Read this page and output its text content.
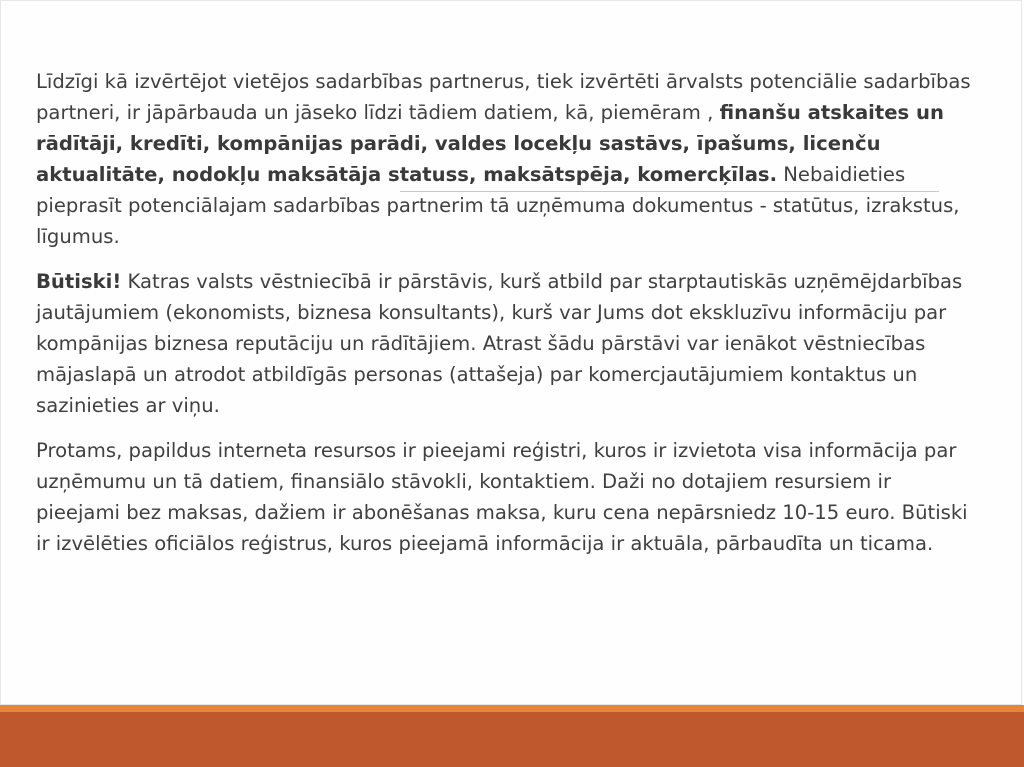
Līdzīgi kā izvērtējot vietējos sadarbības partnerus, tiek izvērtēti ārvalsts potenciālie sadarbības partneri, ir jāpārbauda un jāseko līdzi tādiem datiem, kā, piemēram , finanšu atskaites un rādītāji, kredīti, kompānijas parādi, valdes locekļu sastāvs, īpašums, licenču aktualitāte, nodokļu maksātāja statuss, maksātspēja, komercķīlas. Nebaidieties pieprasīt potenciālajam sadarbības partnerim tā uzņēmuma dokumentus - statūtus, izrakstus, līgumus.

Būtiski! Katras valsts vēstniecībā ir pārstāvis, kurš atbild par starptautiskās uzņēmējdarbības jautājumiem (ekonomists, biznesa konsultants), kurš var Jums dot ekskluzīvu informāciju par kompānijas biznesa reputāciju un rādītājiem. Atrast šādu pārstāvi var ienākot vēstniecības mājaslapā un atrodot atbildīgās personas (attašeja) par komercjautājumiem kontaktus un sazinieties ar viņu.

Protams, papildus interneta resursos ir pieejami reģistri, kuros ir izvietota visa informācija par uzņēmumu un tā datiem, finansiālo stāvokli, kontaktiem. Daži no dotajiem resursiem ir pieejami bez maksas, dažiem ir abonēšanas maksa, kuru cena nepārsniedz 10-15 euro. Būtiski ir izvēlēties oficiālos reģistrus, kuros pieejamā informācija ir aktuāla, pārbaudīta un ticama.
